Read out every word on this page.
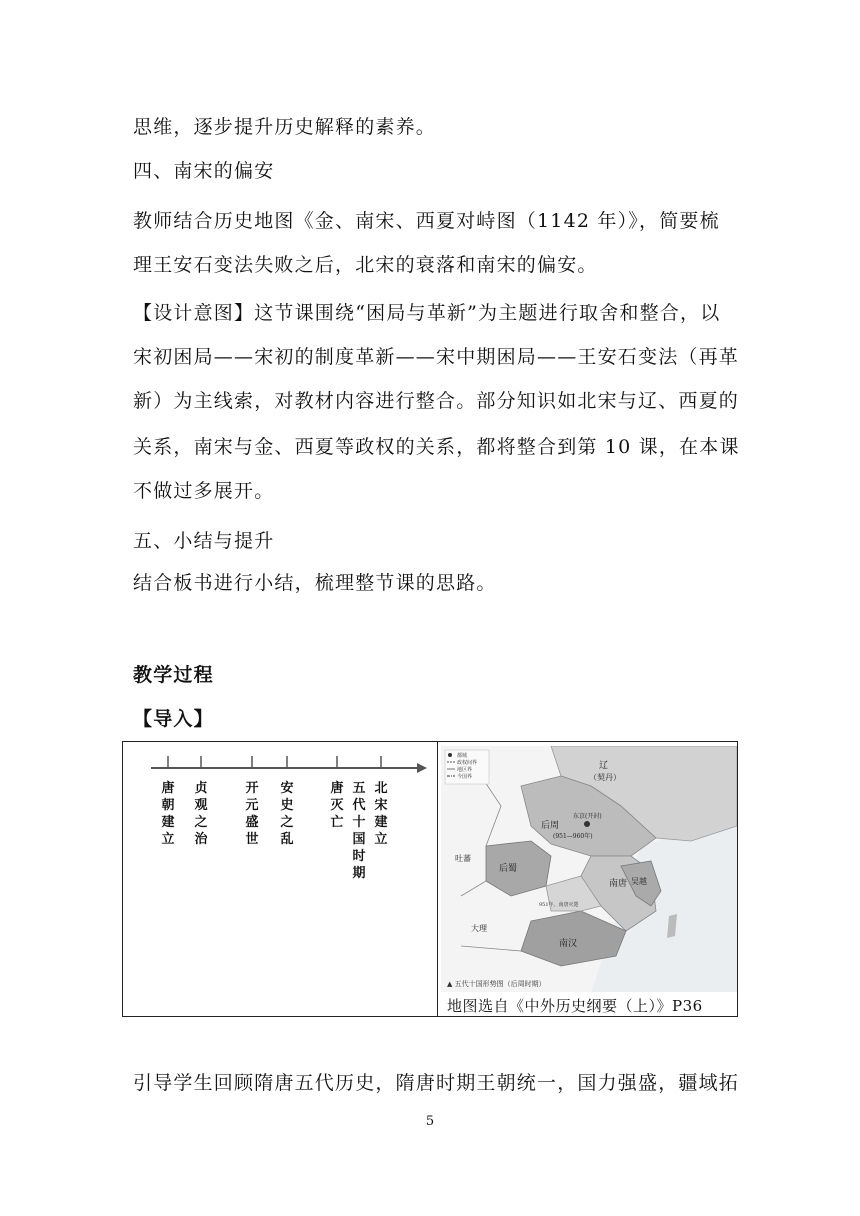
思维，逐步提升历史解释的素养。
四、南宋的偏安
教师结合历史地图《金、南宋、西夏对峙图（1142 年）》，简要梳
理王安石变法失败之后，北宋的衰落和南宋的偏安。
【设计意图】这节课围绕“困局与革新”为主题进行取舍和整合，以
宋初困局——宋初的制度革新——宋中期困局——王安石变法（再革
新）为主线索，对教材内容进行整合。部分知识如北宋与辽、西夏的
关系，南宋与金、西夏等政权的关系，都将整合到第 10 课，在本课
不做过多展开。
五、小结与提升
结合板书进行小结，梳理整节课的思路。
教学过程
【导入】
唐朝建立
贞观之治
开元盛世
安史之乱
唐灭亡
五代十国时期
北宋建立
都城
政权间界
地区界
今国界
辽
（契丹）
后周
东京(开封)
(951—960年)
后蜀
南唐
吐蕃
吴越
南汉
大理
951年，南唐灭楚
▲ 五代十国形势图（后周时期）
地图选自《中外历史纲要（上）》P36
引导学生回顾隋唐五代历史，隋唐时期王朝统一，国力强盛，疆域拓
5
